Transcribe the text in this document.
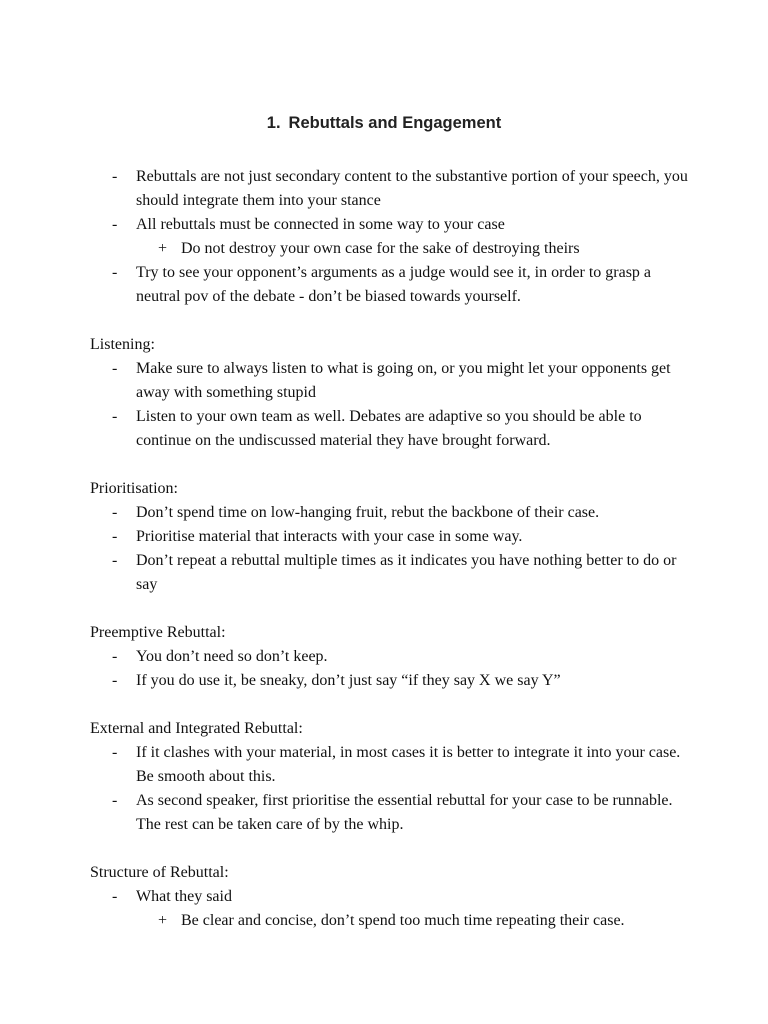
1. Rebuttals and Engagement
- Rebuttals are not just secondary content to the substantive portion of your speech, you should integrate them into your stance
- All rebuttals must be connected in some way to your case
+ Do not destroy your own case for the sake of destroying theirs
- Try to see your opponent’s arguments as a judge would see it, in order to grasp a neutral pov of the debate - don’t be biased towards yourself.
Listening:
- Make sure to always listen to what is going on, or you might let your opponents get away with something stupid
- Listen to your own team as well. Debates are adaptive so you should be able to continue on the undiscussed material they have brought forward.
Prioritisation:
- Don’t spend time on low-hanging fruit, rebut the backbone of their case.
- Prioritise material that interacts with your case in some way.
- Don’t repeat a rebuttal multiple times as it indicates you have nothing better to do or say
Preemptive Rebuttal:
- You don’t need so don’t keep.
- If you do use it, be sneaky, don’t just say “if they say X we say Y”
External and Integrated Rebuttal:
- If it clashes with your material, in most cases it is better to integrate it into your case. Be smooth about this.
- As second speaker, first prioritise the essential rebuttal for your case to be runnable. The rest can be taken care of by the whip.
Structure of Rebuttal:
- What they said
+ Be clear and concise, don’t spend too much time repeating their case.
